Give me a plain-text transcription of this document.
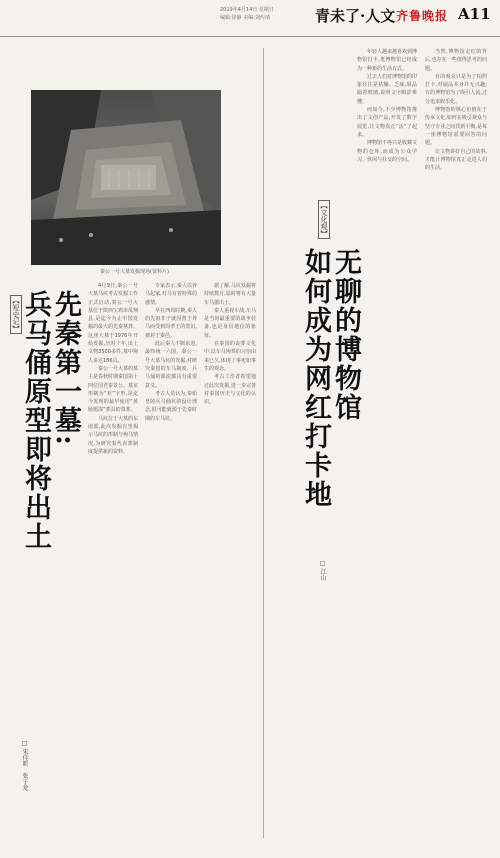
2019年4月14日 星期日
编辑:徐静 美编:刘传靖	青未了·人文 齐鲁晚报 A11
秦公一号大墓发掘现场(资料片)
【短史记】	先秦第一墓:
兵马俑原型即将出土
□ 宋佳昕　张子龙

4月9日,秦公一号大墓马坑考古发掘工作正式启动,秦公一号大墓位于陕西宝鸡市凤翔县,是迄今为止中国发掘的最大的先秦墓葬。这座大墓于1976年开始发掘,历时十年,出土文物3500多件,墓中殉人多达186具。

秦公一号大墓的墓主是春秋时期秦国第十四位国君秦景公。墓室形制为“亚”字形,是迄今发现的最早使用“黄肠题凑”葬具的墓葬。

马坑位于大墓的东南部,此次发掘有望揭示马坑的形制与殉马情况,为研究秦代丧葬制度提供新的资料。

专家表示,秦人以养马起家,对马有着特殊的感情。

早在西周时期,秦人的先祖非子就因善于养马而受到周孝王的赏识,被封于秦邑。

此后秦人不断东进,最终统一六国。秦公一号大墓马坑的发掘,对研究秦国的车马制度、兵马俑的源流都具有重要意义。

考古人员认为,秦始皇陵兵马俑坑的设计理念,很可能就源于先秦时期的车马坑。

据了解,马坑发掘将持续数月,届时将有大量车马器出土。

秦人重视车战,车马是当时最重要的战争装备,也是身份地位的象征。

在秦国的丧葬文化中,以车马殉葬的习俗由来已久,体现了事死如事生的观念。

考古工作者希望通过此次发掘,进一步完善对秦国历史与文化的认识。

【文化观】
无聊的博物馆
如何成为网红打卡地
□ 江山

年轻人越来越喜欢到博物馆打卡,逛博物馆已经成为一种新的生活方式。

过去人们对博物馆的印象往往是枯燥、乏味,展品隔着玻璃,说明文字晦涩难懂。

而如今,不少博物馆推出了文创产品,开发了数字展览,让文物真正“活”了起来。

博物馆不再只是收藏文物的仓库,而成为公众学习、休闲与社交的空间。

当然,博物馆走红的背后,也存在一些值得思考的问题。

有的观众只是为了拍照打卡,对展品本身并无兴趣;有的博物馆为了吸引人流,过分追求娱乐化。

博物馆的核心价值在于传承文化,如何在吸引观众与坚守专业之间找到平衡,是每一座博物馆需要回答的问题。

让文物讲好自己的故事,才能让博物馆真正走进人们的生活。
